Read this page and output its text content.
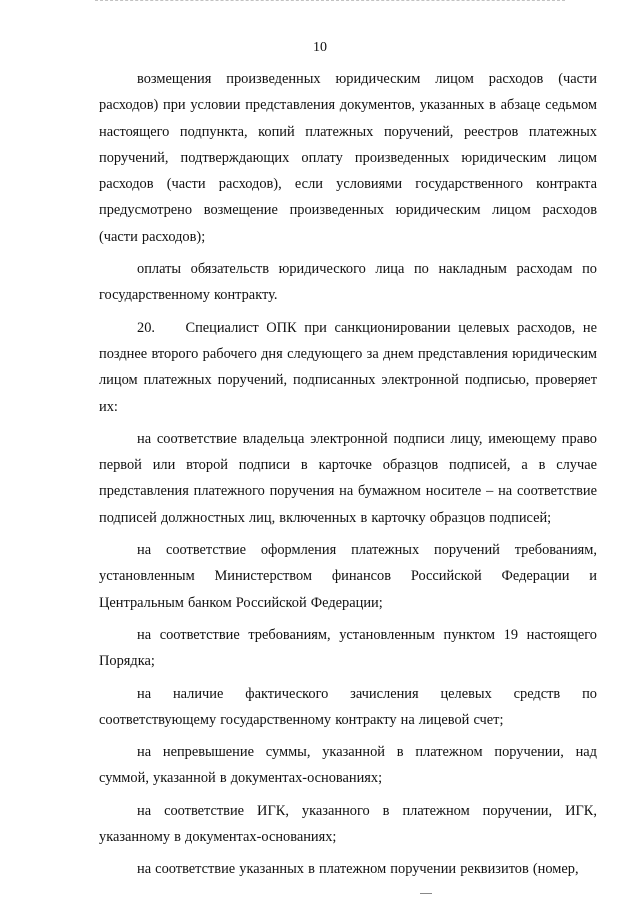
10

возмещения произведенных юридическим лицом расходов (части расходов) при условии представления документов, указанных в абзаце седьмом настоящего подпункта, копий платежных поручений, реестров платежных поручений, подтверждающих оплату произведенных юридическим лицом расходов (части расходов), если условиями государственного контракта предусмотрено возмещение произведенных юридическим лицом расходов (части расходов);

оплаты обязательств юридического лица по накладным расходам по государственному контракту.

20.    Специалист ОПК при санкционировании целевых расходов, не позднее второго рабочего дня следующего за днем представления юридическим лицом платежных поручений, подписанных электронной подписью, проверяет их:

на соответствие владельца электронной подписи лицу, имеющему право первой или второй подписи в карточке образцов подписей, а в случае представления платежного поручения на бумажном носителе – на соответствие подписей должностных лиц, включенных в карточку образцов подписей;

на соответствие оформления платежных поручений требованиям, установленным Министерством финансов Российской Федерации и Центральным банком Российской Федерации;

на соответствие требованиям, установленным пунктом 19 настоящего Порядка;

на наличие фактического зачисления целевых средств по соответствующему государственному контракту на лицевой счет;

на непревышение суммы, указанной в платежном поручении, над суммой, указанной в документах-основаниях;

на соответствие ИГК, указанного в платежном поручении, ИГК, указанному в документах-основаниях;

на соответствие указанных в платежном поручении реквизитов (номер,
